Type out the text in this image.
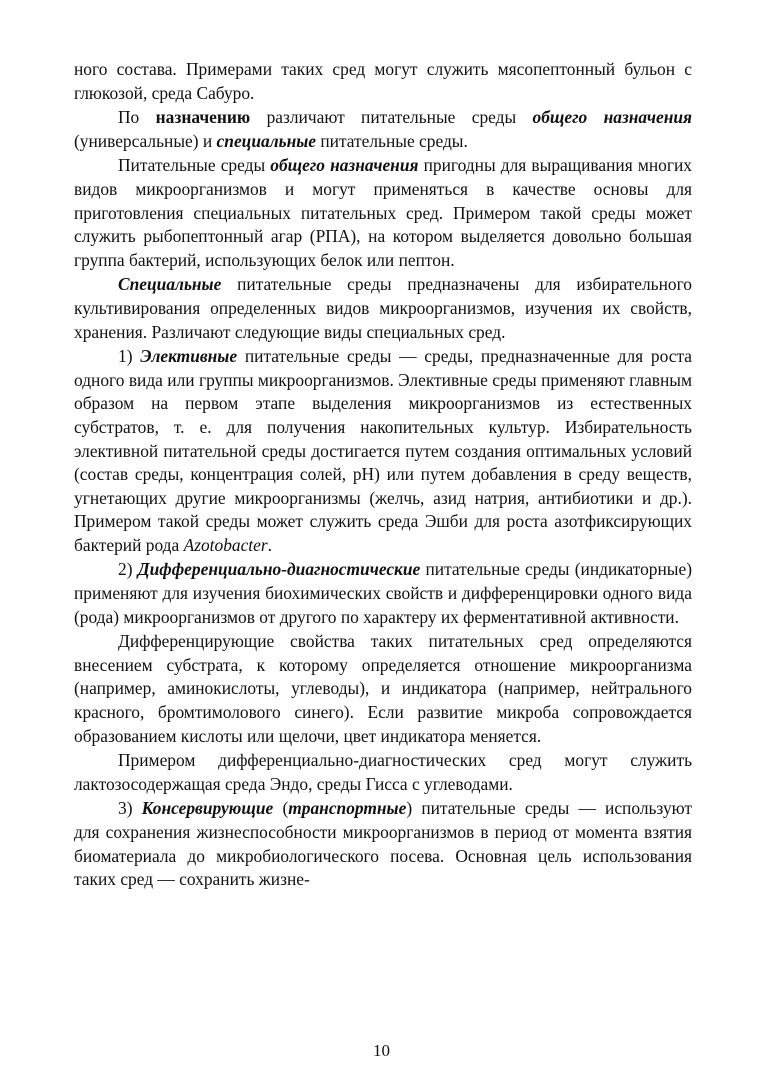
ного состава. Примерами таких сред могут служить мясопептонный бульон с глюкозой, среда Сабуро.

По назначению различают питательные среды общего назначения (универсальные) и специальные питательные среды.

Питательные среды общего назначения пригодны для выращивания многих видов микроорганизмов и могут применяться в качестве основы для приготовления специальных питательных сред. Примером такой среды может служить рыбопептонный агар (РПА), на котором выделяется довольно большая группа бактерий, использующих белок или пептон.

Специальные питательные среды предназначены для избирательного культивирования определенных видов микроорганизмов, изучения их свойств, хранения. Различают следующие виды специальных сред.

1) Элективные питательные среды — среды, предназначенные для роста одного вида или группы микроорганизмов. Элективные среды применяют главным образом на первом этапе выделения микроорганизмов из естественных субстратов, т. е. для получения накопительных культур. Избирательность элективной питательной среды достигается путем создания оптимальных условий (состав среды, концентрация солей, pH) или путем добавления в среду веществ, угнетающих другие микроорганизмы (желчь, азид натрия, антибиотики и др.). Примером такой среды может служить среда Эшби для роста азотфиксирующих бактерий рода Azotobacter.

2) Дифференциально-диагностические питательные среды (индикаторные) применяют для изучения биохимических свойств и дифференцировки одного вида (рода) микроорганизмов от другого по характеру их ферментативной активности.

Дифференцирующие свойства таких питательных сред определяются внесением субстрата, к которому определяется отношение микроорганизма (например, аминокислоты, углеводы), и индикатора (например, нейтрального красного, бромтимолового синего). Если развитие микроба сопровождается образованием кислоты или щелочи, цвет индикатора меняется.

Примером дифференциально-диагностических сред могут служить лактозосодержащая среда Эндо, среды Гисса с углеводами.

3) Консервирующие (транспортные) питательные среды — используют для сохранения жизнеспособности микроорганизмов в период от момента взятия биоматериала до микробиологического посева. Основная цель использования таких сред — сохранить жизне-

10
